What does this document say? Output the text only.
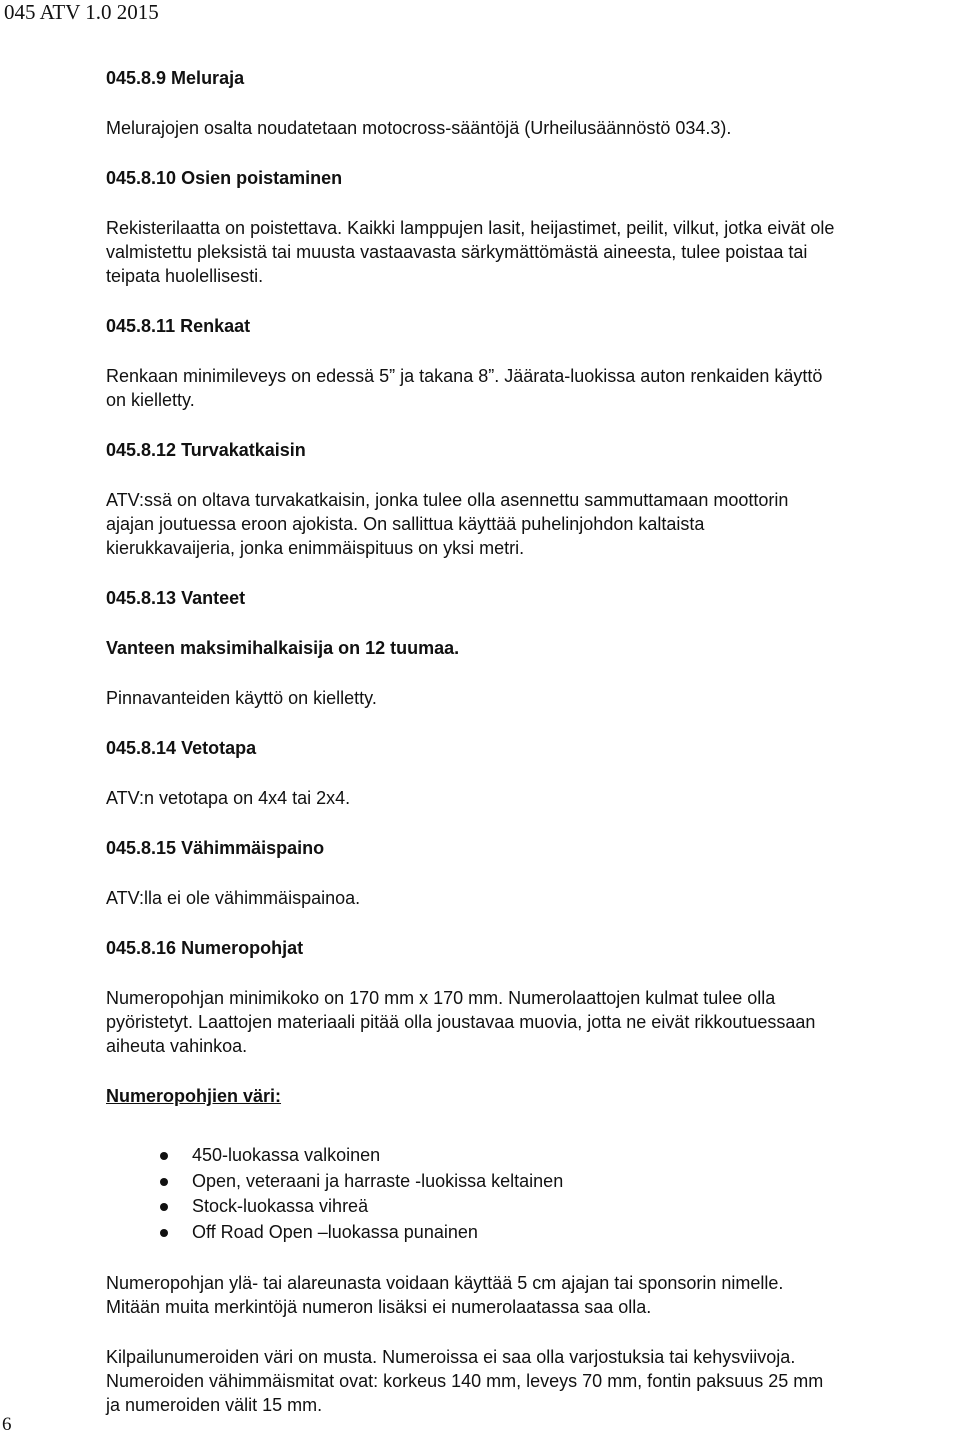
045 ATV 1.0 2015
045.8.9 Meluraja
Melurajojen osalta noudatetaan motocross-sääntöjä (Urheilusäännöstö 034.3).
045.8.10 Osien poistaminen
Rekisterilaatta on poistettava. Kaikki lamppujen lasit, heijastimet, peilit, vilkut, jotka eivät ole
valmistettu pleksistä tai muusta vastaavasta särkymättömästä aineesta, tulee poistaa tai
teipata huolellisesti.
045.8.11 Renkaat
Renkaan minimileveys on edessä 5” ja takana 8”. Jäärata-luokissa auton renkaiden käyttö
on kielletty.
045.8.12 Turvakatkaisin
ATV:ssä on oltava turvakatkaisin, jonka tulee olla asennettu sammuttamaan moottorin
ajajan joutuessa eroon ajokista. On sallittua käyttää puhelinjohdon kaltaista
kierukkavaijeria, jonka enimmäispituus on yksi metri.
045.8.13 Vanteet
Vanteen maksimihalkaisija on 12 tuumaa.
Pinnavanteiden käyttö on kielletty.
045.8.14 Vetotapa
ATV:n vetotapa on 4x4 tai 2x4.
045.8.15 Vähimmäispaino
ATV:lla ei ole vähimmäispainoa.
045.8.16 Numeropohjat
Numeropohjan minimikoko on 170 mm x 170 mm. Numerolaattojen kulmat tulee olla
pyöristetyt. Laattojen materiaali pitää olla joustavaa muovia, jotta ne eivät rikkoutuessaan
aiheuta vahinkoa.
Numeropohjien väri:
450-luokassa valkoinen
Open, veteraani ja harraste -luokissa keltainen
Stock-luokassa vihreä
Off Road Open –luokassa punainen
Numeropohjan ylä- tai alareunasta voidaan käyttää 5 cm ajajan tai sponsorin nimelle.
Mitään muita merkintöjä numeron lisäksi ei numerolaatassa saa olla.
Kilpailunumeroiden väri on musta. Numeroissa ei saa olla varjostuksia tai kehysviivoja.
Numeroiden vähimmäismitat ovat: korkeus 140 mm, leveys 70 mm, fontin paksuus 25 mm
ja numeroiden välit 15 mm.
6
